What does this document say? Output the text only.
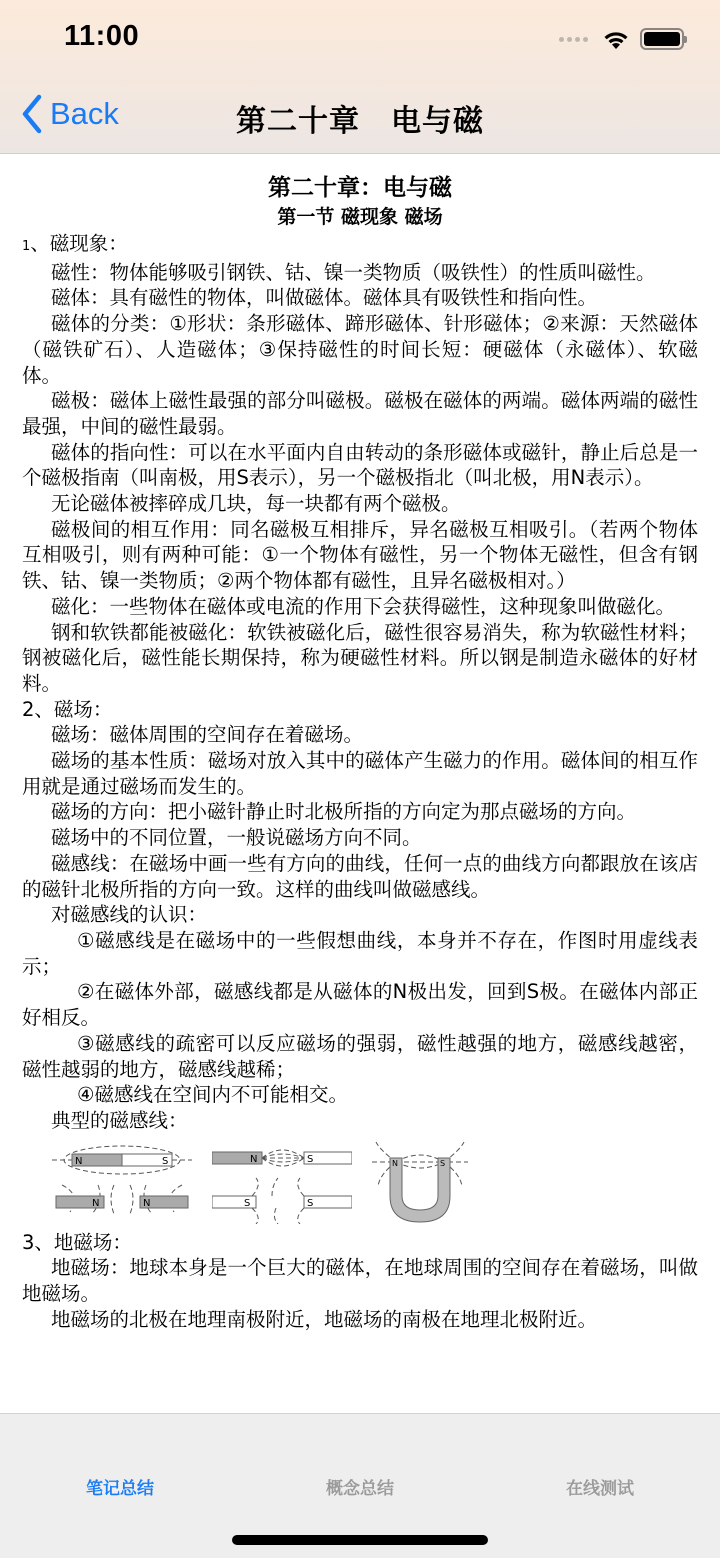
11:00
Back	第二十章　电与磁
第二十章：电与磁
第一节 磁现象 磁场
1、磁现象：
磁性：物体能够吸引钢铁、钴、镍一类物质（吸铁性）的性质叫磁性。
磁体：具有磁性的物体，叫做磁体。磁体具有吸铁性和指向性。
磁体的分类：①形状：条形磁体、蹄形磁体、针形磁体；②来源：天然磁体（磁铁矿石）、人造磁体；③保持磁性的时间长短：硬磁体（永磁体）、软磁体。
磁极：磁体上磁性最强的部分叫磁极。磁极在磁体的两端。磁体两端的磁性最强，中间的磁性最弱。
磁体的指向性：可以在水平面内自由转动的条形磁体或磁针，静止后总是一个磁极指南（叫南极，用S表示），另一个磁极指北（叫北极，用N表示）。
无论磁体被摔碎成几块，每一块都有两个磁极。
磁极间的相互作用：同名磁极互相排斥，异名磁极互相吸引。（若两个物体互相吸引，则有两种可能：①一个物体有磁性，另一个物体无磁性，但含有钢铁、钴、镍一类物质；②两个物体都有磁性，且异名磁极相对。）
磁化：一些物体在磁体或电流的作用下会获得磁性，这种现象叫做磁化。
钢和软铁都能被磁化：软铁被磁化后，磁性很容易消失，称为软磁性材料；钢被磁化后，磁性能长期保持，称为硬磁性材料。所以钢是制造永磁体的好材料。
2、磁场：
磁场：磁体周围的空间存在着磁场。
磁场的基本性质：磁场对放入其中的磁体产生磁力的作用。磁体间的相互作用就是通过磁场而发生的。
磁场的方向：把小磁针静止时北极所指的方向定为那点磁场的方向。
磁场中的不同位置，一般说磁场方向不同。
磁感线：在磁场中画一些有方向的曲线，任何一点的曲线方向都跟放在该店的磁针北极所指的方向一致。这样的曲线叫做磁感线。
对磁感线的认识：
①磁感线是在磁场中的一些假想曲线，本身并不存在，作图时用虚线表示；
②在磁体外部，磁感线都是从磁体的N极出发，回到S极。在磁体内部正好相反。
③磁感线的疏密可以反应磁场的强弱，磁性越强的地方，磁感线越密，磁性越弱的地方，磁感线越稀；
④磁感线在空间内不可能相交。
典型的磁感线：
N	S
N	N
N	S
S	S
N	S
3、地磁场：
地磁场：地球本身是一个巨大的磁体，在地球周围的空间存在着磁场，叫做地磁场。
地磁场的北极在地理南极附近，地磁场的南极在地理北极附近。
笔记总结	概念总结	在线测试
